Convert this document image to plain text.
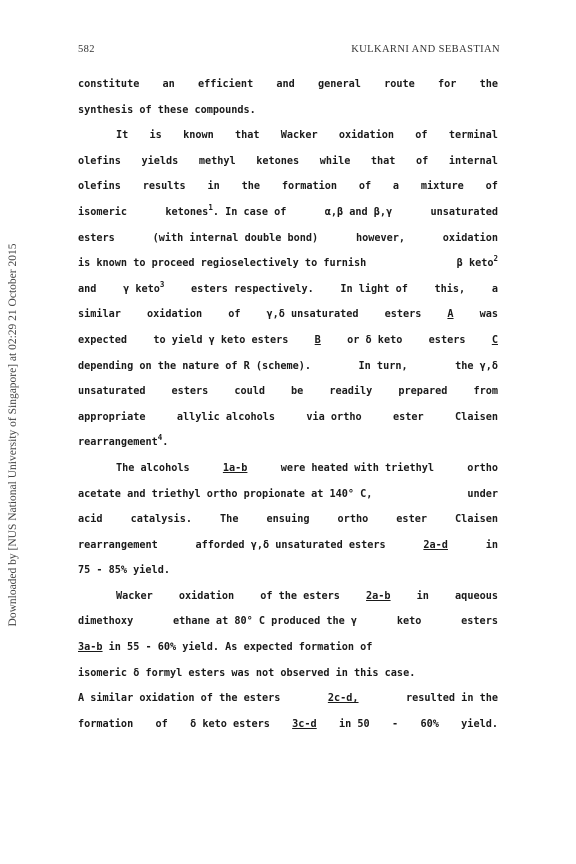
582	KULKARNI AND SEBASTIAN
Downloaded by [NUS National University of Singapore] at 02:29 21 October 2015
constitute an efficient and general route for the
synthesis of these compounds.
It is known that Wacker oxidation of terminal
olefins yields methyl ketones while that of internal
olefins results in the formation of a mixture of
isomeric	ketones$^1$. In case of	α,β and β,γ	unsaturated
esters	(with internal double bond)	however,	oxidation
is known to proceed regioselectively to furnish	β keto$^2$
and	γ keto$^3$	esters respectively.	In light of	this,	a
similar	oxidation	of	γ,δ unsaturated	esters	A	was
expected	to yield γ keto esters	B	or δ keto	esters	C
depending on the nature of R (scheme).	In turn,	the γ,δ
unsaturated	esters	could	be	readily	prepared	from
appropriate	allylic alcohols	via ortho	ester	Claisen
rearrangement$^4$.
The alcohols	1a-b	were heated with triethyl	ortho
acetate and triethyl ortho propionate at 140° C,	under
acid	catalysis.	The	ensuing	ortho	ester	Claisen
rearrangement	afforded γ,δ unsaturated esters	2a-d	in
75 - 85% yield.
Wacker	oxidation	of the esters	2a-b	in	aqueous
dimethoxy	ethane at 80° C produced the γ	keto	esters
3a-b in 55 - 60% yield. As expected formation of
isomeric δ formyl esters was not observed in this case.
A similar oxidation of the esters	2c-d,	resulted in the
formation of δ keto esters 3c-d in 50 - 60% yield.
